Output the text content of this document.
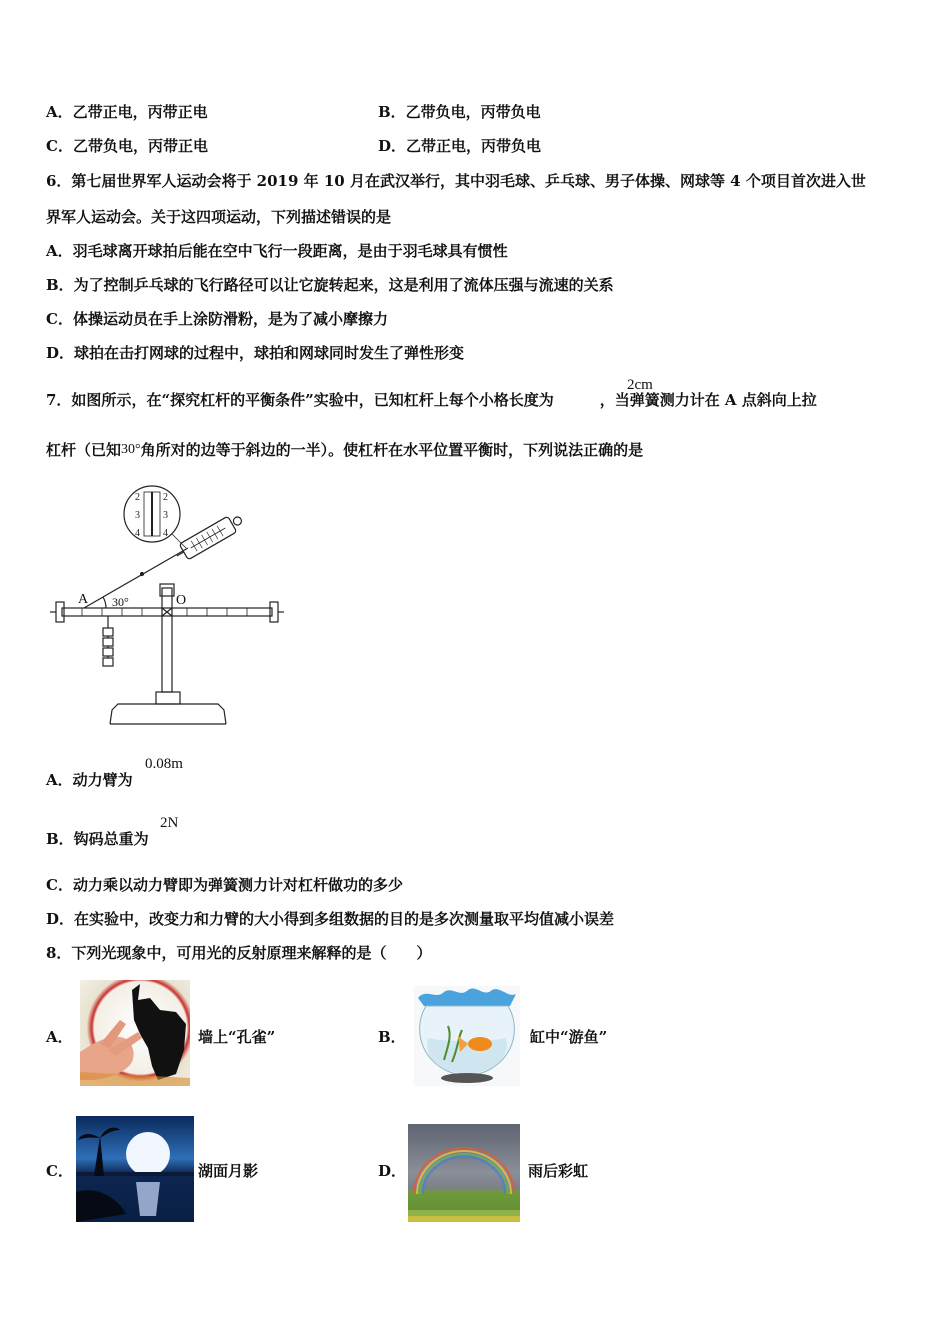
A．乙带正电，丙带正电	B．乙带负电，丙带负电
C．乙带负电，丙带正电	D．乙带正电，丙带负电
6．第七届世界军人运动会将于 2019 年 10 月在武汉举行，其中羽毛球、乒乓球、男子体操、网球等 4 个项目首次进入世
界军人运动会。关于这四项运动，下列描述错误的是
A．羽毛球离开球拍后能在空中飞行一段距离，是由于羽毛球具有惯性
B．为了控制乒乓球的飞行路径可以让它旋转起来，这是利用了流体压强与流速的关系
C．体操运动员在手上涂防滑粉，是为了减小摩擦力
D．球拍在击打网球的过程中，球拍和网球同时发生了弹性形变
7．如图所示，在“探究杠杆的平衡条件”实验中，已知杠杆上每个小格长度为	，当弹簧测力计在 A 点斜向上拉
2cm
杠杆（已知30°角所对的边等于斜边的一半）。使杠杆在水平位置平衡时，下列说法正确的是
2
3
4
2
3
4
A 30°	O
A．动力臂为
0.08m
B．钩码总重为
2N
C．动力乘以动力臂即为弹簧测力计对杠杆做功的多少
D．在实验中，改变力和力臂的大小得到多组数据的目的是多次测量取平均值减小误差
8．下列光现象中，可用光的反射原理来解释的是（　　）
A．	墙上“孔雀”	B．	缸中“游鱼”
C．	湖面月影	D．	雨后彩虹
